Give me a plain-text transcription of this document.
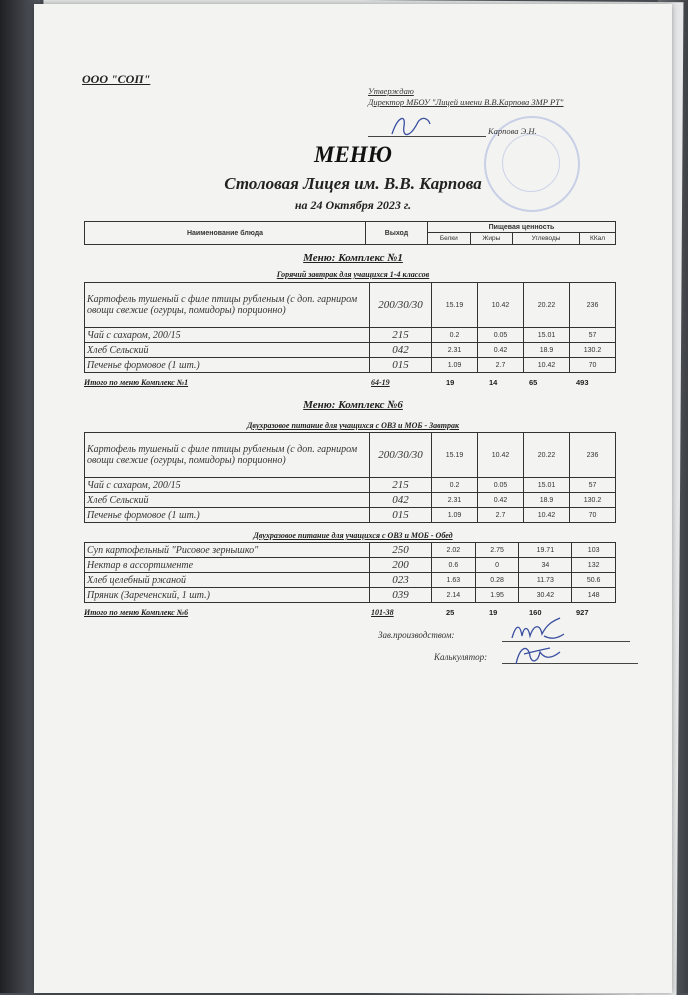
ООО "СОП"
Утверждаю
Директор МБОУ "Лицей имени В.В.Карпова ЗМР РТ"
Карпова Э.Н.
МЕНЮ
Столовая Лицея им. В.В. Карпова
на 24 Октября 2023 г.
Наименование блюда	Выход	Пищевая ценность			
		Белки	Жиры	Углеводы	ККал
Меню: Комплекс №1
Горячий завтрак для учащихся 1-4 классов
Картофель тушеный с филе птицы рубленым (с доп. гарниром овощи свежие (огурцы, помидоры) порционно)	200/30/30	15.19	10.42	20.22	236
Чай с сахаром, 200/15	215	0.2	0.05	15.01	57
Хлеб Сельский	042	2.31	0.42	18.9	130.2
Печенье формовое (1 шт.)	015	1.09	2.7	10.42	70
Итого по меню Комплекс №1	64-19	19	14	65	493
Меню: Комплекс №6
Двухразовое питание для учащихся с ОВЗ и МОБ - Завтрак
Картофель тушеный с филе птицы рубленым (с доп. гарниром овощи свежие (огурцы, помидоры) порционно)	200/30/30	15.19	10.42	20.22	236
Чай с сахаром, 200/15	215	0.2	0.05	15.01	57
Хлеб Сельский	042	2.31	0.42	18.9	130.2
Печенье формовое (1 шт.)	015	1.09	2.7	10.42	70
Двухразовое питание для учащихся с ОВЗ и МОБ - Обед
Суп картофельный "Рисовое зернышко"	250	2.02	2.75	19.71	103
Нектар в ассортименте	200	0.6	0	34	132
Хлеб целебный ржаной	023	1.63	0.28	11.73	50.6
Пряник (Зареченский, 1 шт.)	039	2.14	1.95	30.42	148
Итого по меню Комплекс №6	101-38	25	19	160	927
Зав.производством:
Калькулятор:
